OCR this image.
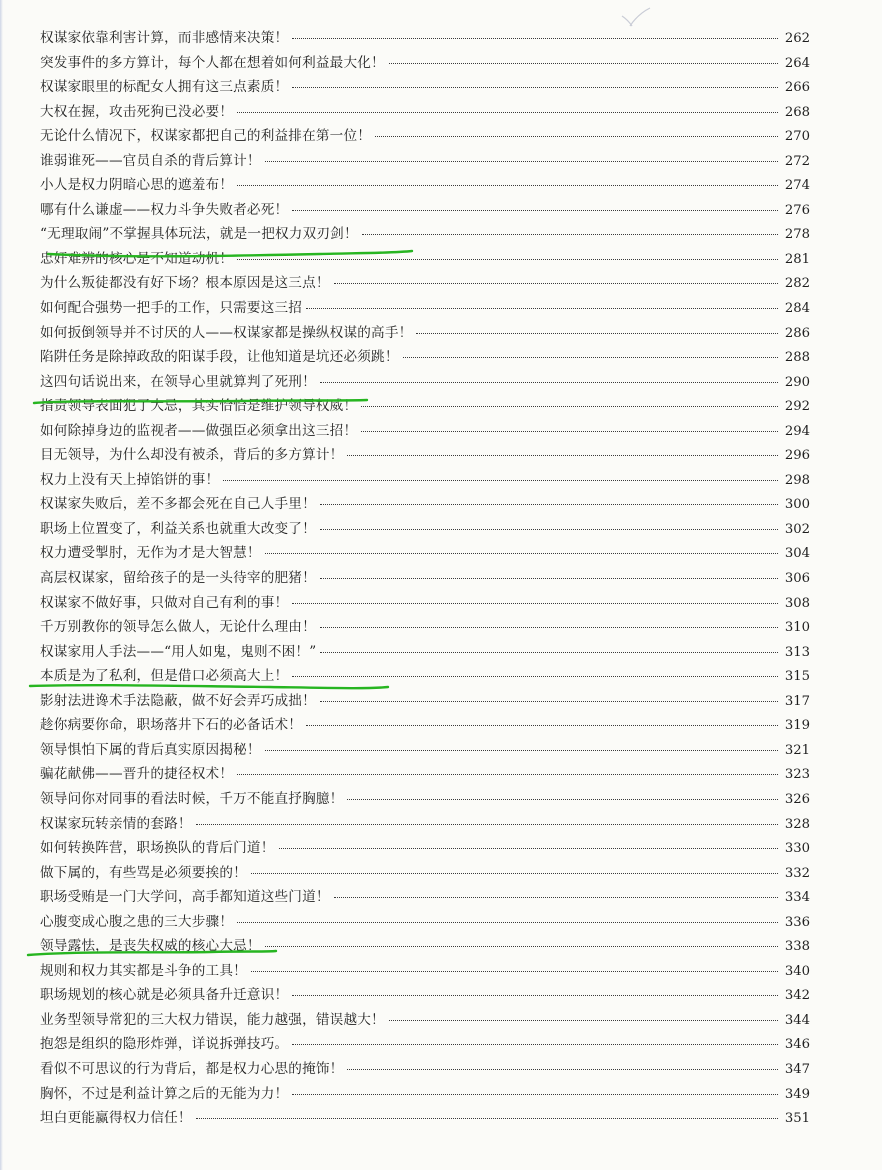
权谋家依靠利害计算，而非感情来决策！	262
突发事件的多方算计，每个人都在想着如何利益最大化！	264
权谋家眼里的标配女人拥有这三点素质！	266
大权在握，攻击死狗已没必要！	268
无论什么情况下，权谋家都把自己的利益排在第一位！	270
谁弱谁死——官员自杀的背后算计！	272
小人是权力阴暗心思的遮羞布！	274
哪有什么谦虚——权力斗争失败者必死！	276
“无理取闹”不掌握具体玩法，就是一把权力双刃剑！	278
忠奸难辨的核心是不知道动机！	281
为什么叛徒都没有好下场？根本原因是这三点！	282
如何配合强势一把手的工作，只需要这三招	284
如何扳倒领导并不讨厌的人——权谋家都是操纵权谋的高手！	286
陷阱任务是除掉政敌的阳谋手段，让他知道是坑还必须跳！	288
这四句话说出来，在领导心里就算判了死刑！	290
指责领导表面犯了大忌，其实恰恰是维护领导权威！	292
如何除掉身边的监视者——做强臣必须拿出这三招！	294
目无领导，为什么却没有被杀，背后的多方算计！	296
权力上没有天上掉馅饼的事！	298
权谋家失败后，差不多都会死在自己人手里！	300
职场上位置变了，利益关系也就重大改变了！	302
权力遭受掣肘，无作为才是大智慧！	304
高层权谋家，留给孩子的是一头待宰的肥猪！	306
权谋家不做好事，只做对自己有利的事！	308
千万别教你的领导怎么做人，无论什么理由！	310
权谋家用人手法——“用人如鬼，鬼则不困！”	313
本质是为了私利，但是借口必须高大上！	315
影射法进谗术手法隐蔽，做不好会弄巧成拙！	317
趁你病要你命，职场落井下石的必备话术！	319
领导惧怕下属的背后真实原因揭秘！	321
骗花献佛——晋升的捷径权术！	323
领导问你对同事的看法时候，千万不能直抒胸臆！	326
权谋家玩转亲情的套路！	328
如何转换阵营，职场换队的背后门道！	330
做下属的，有些骂是必须要挨的！	332
职场受贿是一门大学问，高手都知道这些门道！	334
心腹变成心腹之患的三大步骤！	336
领导露怯，是丧失权威的核心大忌！	338
规则和权力其实都是斗争的工具！	340
职场规划的核心就是必须具备升迁意识！	342
业务型领导常犯的三大权力错误，能力越强，错误越大！	344
抱怨是组织的隐形炸弹，详说拆弹技巧。	346
看似不可思议的行为背后，都是权力心思的掩饰！	347
胸怀，不过是利益计算之后的无能为力！	349
坦白更能赢得权力信任！	351
